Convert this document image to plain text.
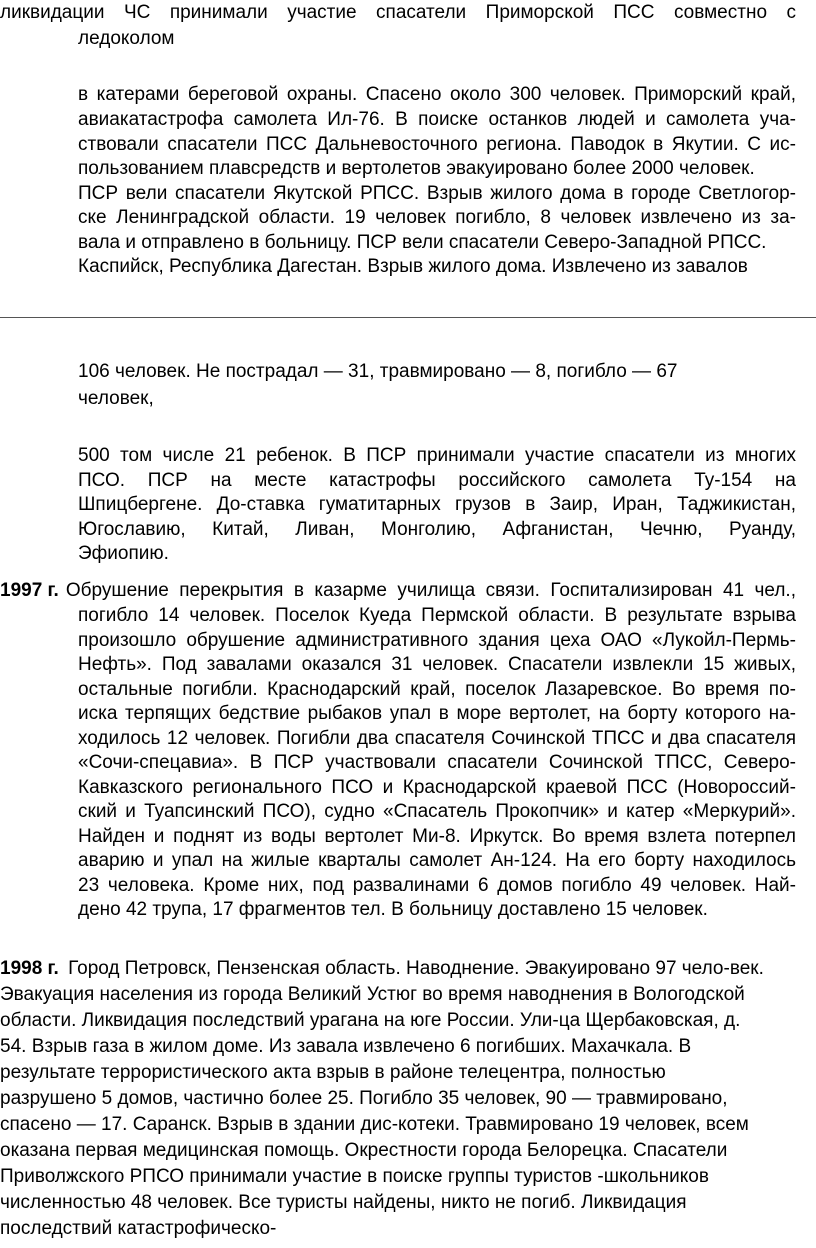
ликвидации ЧС принимали участие спасатели Приморской ПСС совместно с
ледоколом
в катерами береговой охраны. Спасено около 300 человек. Приморский край,
авиакатастрофа самолета Ил-76. В поиске останков людей и самолета уча-
ствовали спасатели ПСС Дальневосточного региона. Паводок в Якутии. С ис-
пользованием плавсредств и вертолетов эвакуировано более 2000 человек.
ПСР вели спасатели Якутской РПСС. Взрыв жилого дома в городе Светлогор-
ске Ленинградской области. 19 человек погибло, 8 человек извлечено из за-
вала и отправлено в больницу. ПСР вели спасатели Северо-Западной РПСС.
Каспийск, Республика Дагестан. Взрыв жилого дома. Извлечено из завалов
106 человек. Не пострадал — 31, травмировано — 8, погибло — 67
человек,
500 том числе 21 ребенок. В ПСР принимали участие спасатели из многих
ПСО. ПСР на месте катастрофы российского самолета Ту-154 на
Шпицбергене. До-ставка гуматитарных грузов в Заир, Иран, Таджикистан,
Югославию, Китай, Ливан, Монголию, Афганистан, Чечню, Руанду,
Эфиопию.
1997 г. Обрушение перекрытия в казарме училища связи. Госпитализирован 41 чел.,
погибло 14 человек. Поселок Куеда Пермской области. В результате взрыва
произошло обрушение административного здания цеха ОАО «Лукойл-Пермь-
Нефть». Под завалами оказался 31 человек. Спасатели извлекли 15 живых,
остальные погибли. Краснодарский край, поселок Лазаревское. Во время по-
иска терпящих бедствие рыбаков упал в море вертолет, на борту которого на-
ходилось 12 человек. Погибли два спасателя Сочинской ТПСС и два спасателя
«Сочи-спецавиа». В ПСР участвовали спасатели Сочинской ТПСС, Северо-
Кавказского регионального ПСО и Краснодарской краевой ПСС (Новороссий-
ский и Туапсинский ПСО), судно «Спасатель Прокопчик» и катер «Меркурий».
Найден и поднят из воды вертолет Ми-8. Иркутск. Во время взлета потерпел
аварию и упал на жилые кварталы самолет Ан-124. На его борту находилось
23 человека. Кроме них, под развалинами 6 домов погибло 49 человек. Най-
дено 42 трупа, 17 фрагментов тел. В больницу доставлено 15 человек.
1998 г. Город Петровск, Пензенская область. Наводнение. Эвакуировано 97 чело-век.
Эвакуация населения из города Великий Устюг во время наводнения в Вологодской
области. Ликвидация последствий урагана на юге России. Ули-ца Щербаковская, д.
54. Взрыв газа в жилом доме. Из завала извлечено 6 погибших. Махачкала. В
результате террористического акта взрыв в районе телецентра, полностью
разрушено 5 домов, частично более 25. Погибло 35 человек, 90 — травмировано,
спасено — 17. Саранск. Взрыв в здании дис-котеки. Травмировано 19 человек, всем
оказана первая медицинская помощь. Окрестности города Белорецка. Спасатели
Приволжского РПСО принимали участие в поиске группы туристов -школьников
численностью 48 человек. Все туристы найдены, никто не погиб. Ликвидация
последствий катастрофическо-
